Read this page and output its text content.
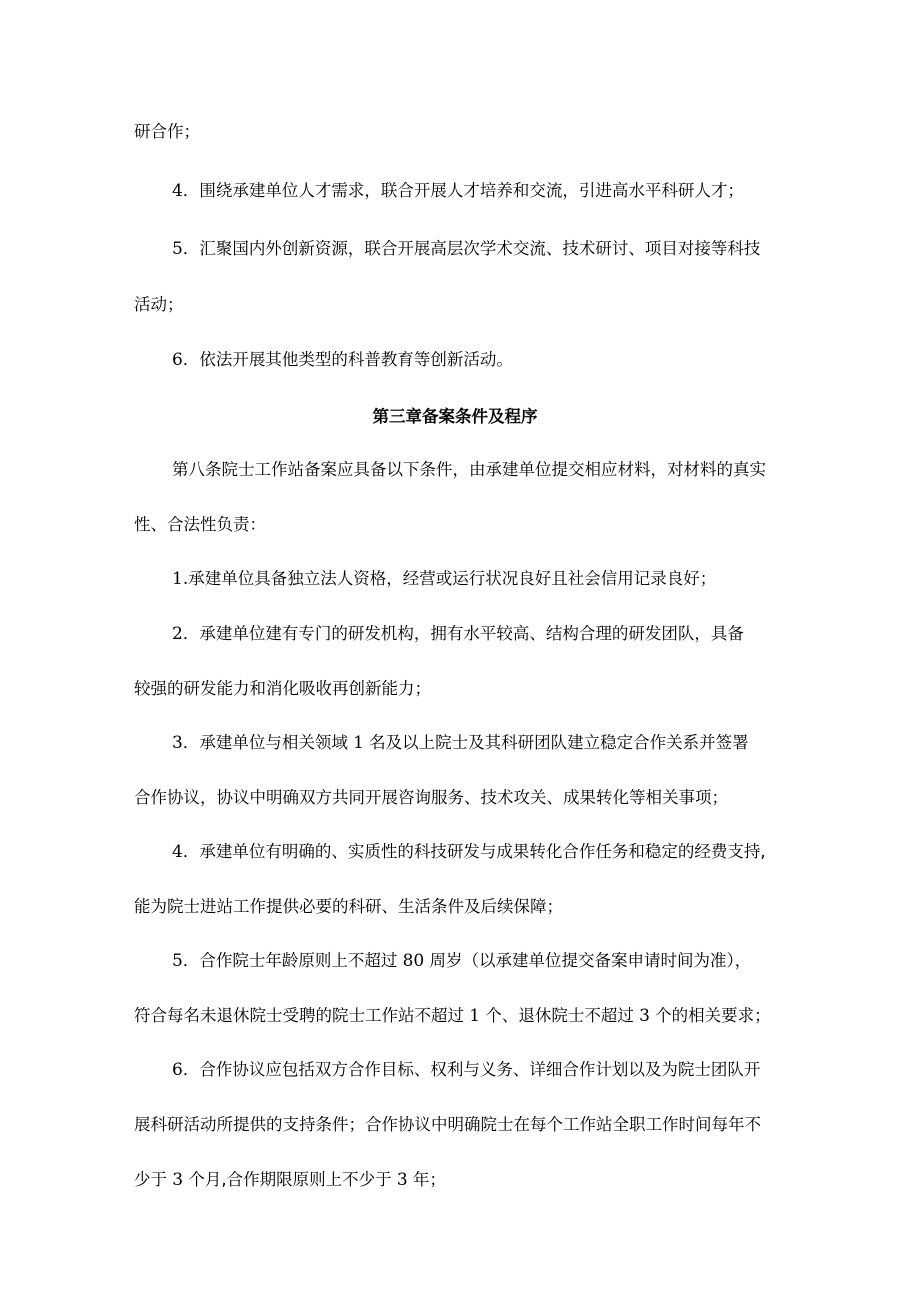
研合作；
4．围绕承建单位人才需求，联合开展人才培养和交流，引进高水平科研人才；
5．汇聚国内外创新资源，联合开展高层次学术交流、技术研讨、项目对接等科技
活动；
6．依法开展其他类型的科普教育等创新活动。
第三章备案条件及程序
第八条院士工作站备案应具备以下条件，由承建单位提交相应材料，对材料的真实
性、合法性负责：
1.承建单位具备独立法人资格，经营或运行状况良好且社会信用记录良好；
2．承建单位建有专门的研发机构，拥有水平较高、结构合理的研发团队，具备
较强的研发能力和消化吸收再创新能力；
3．承建单位与相关领域 1 名及以上院士及其科研团队建立稳定合作关系并签署
合作协议，协议中明确双方共同开展咨询服务、技术攻关、成果转化等相关事项；
4．承建单位有明确的、实质性的科技研发与成果转化合作任务和稳定的经费支持,
能为院士进站工作提供必要的科研、生活条件及后续保障；
5．合作院士年龄原则上不超过 80 周岁（以承建单位提交备案申请时间为准），
符合每名未退休院士受聘的院士工作站不超过 1 个、退休院士不超过 3 个的相关要求；
6．合作协议应包括双方合作目标、权利与义务、详细合作计划以及为院士团队开
展科研活动所提供的支持条件；合作协议中明确院士在每个工作站全职工作时间每年不
少于 3 个月,合作期限原则上不少于 3 年；
